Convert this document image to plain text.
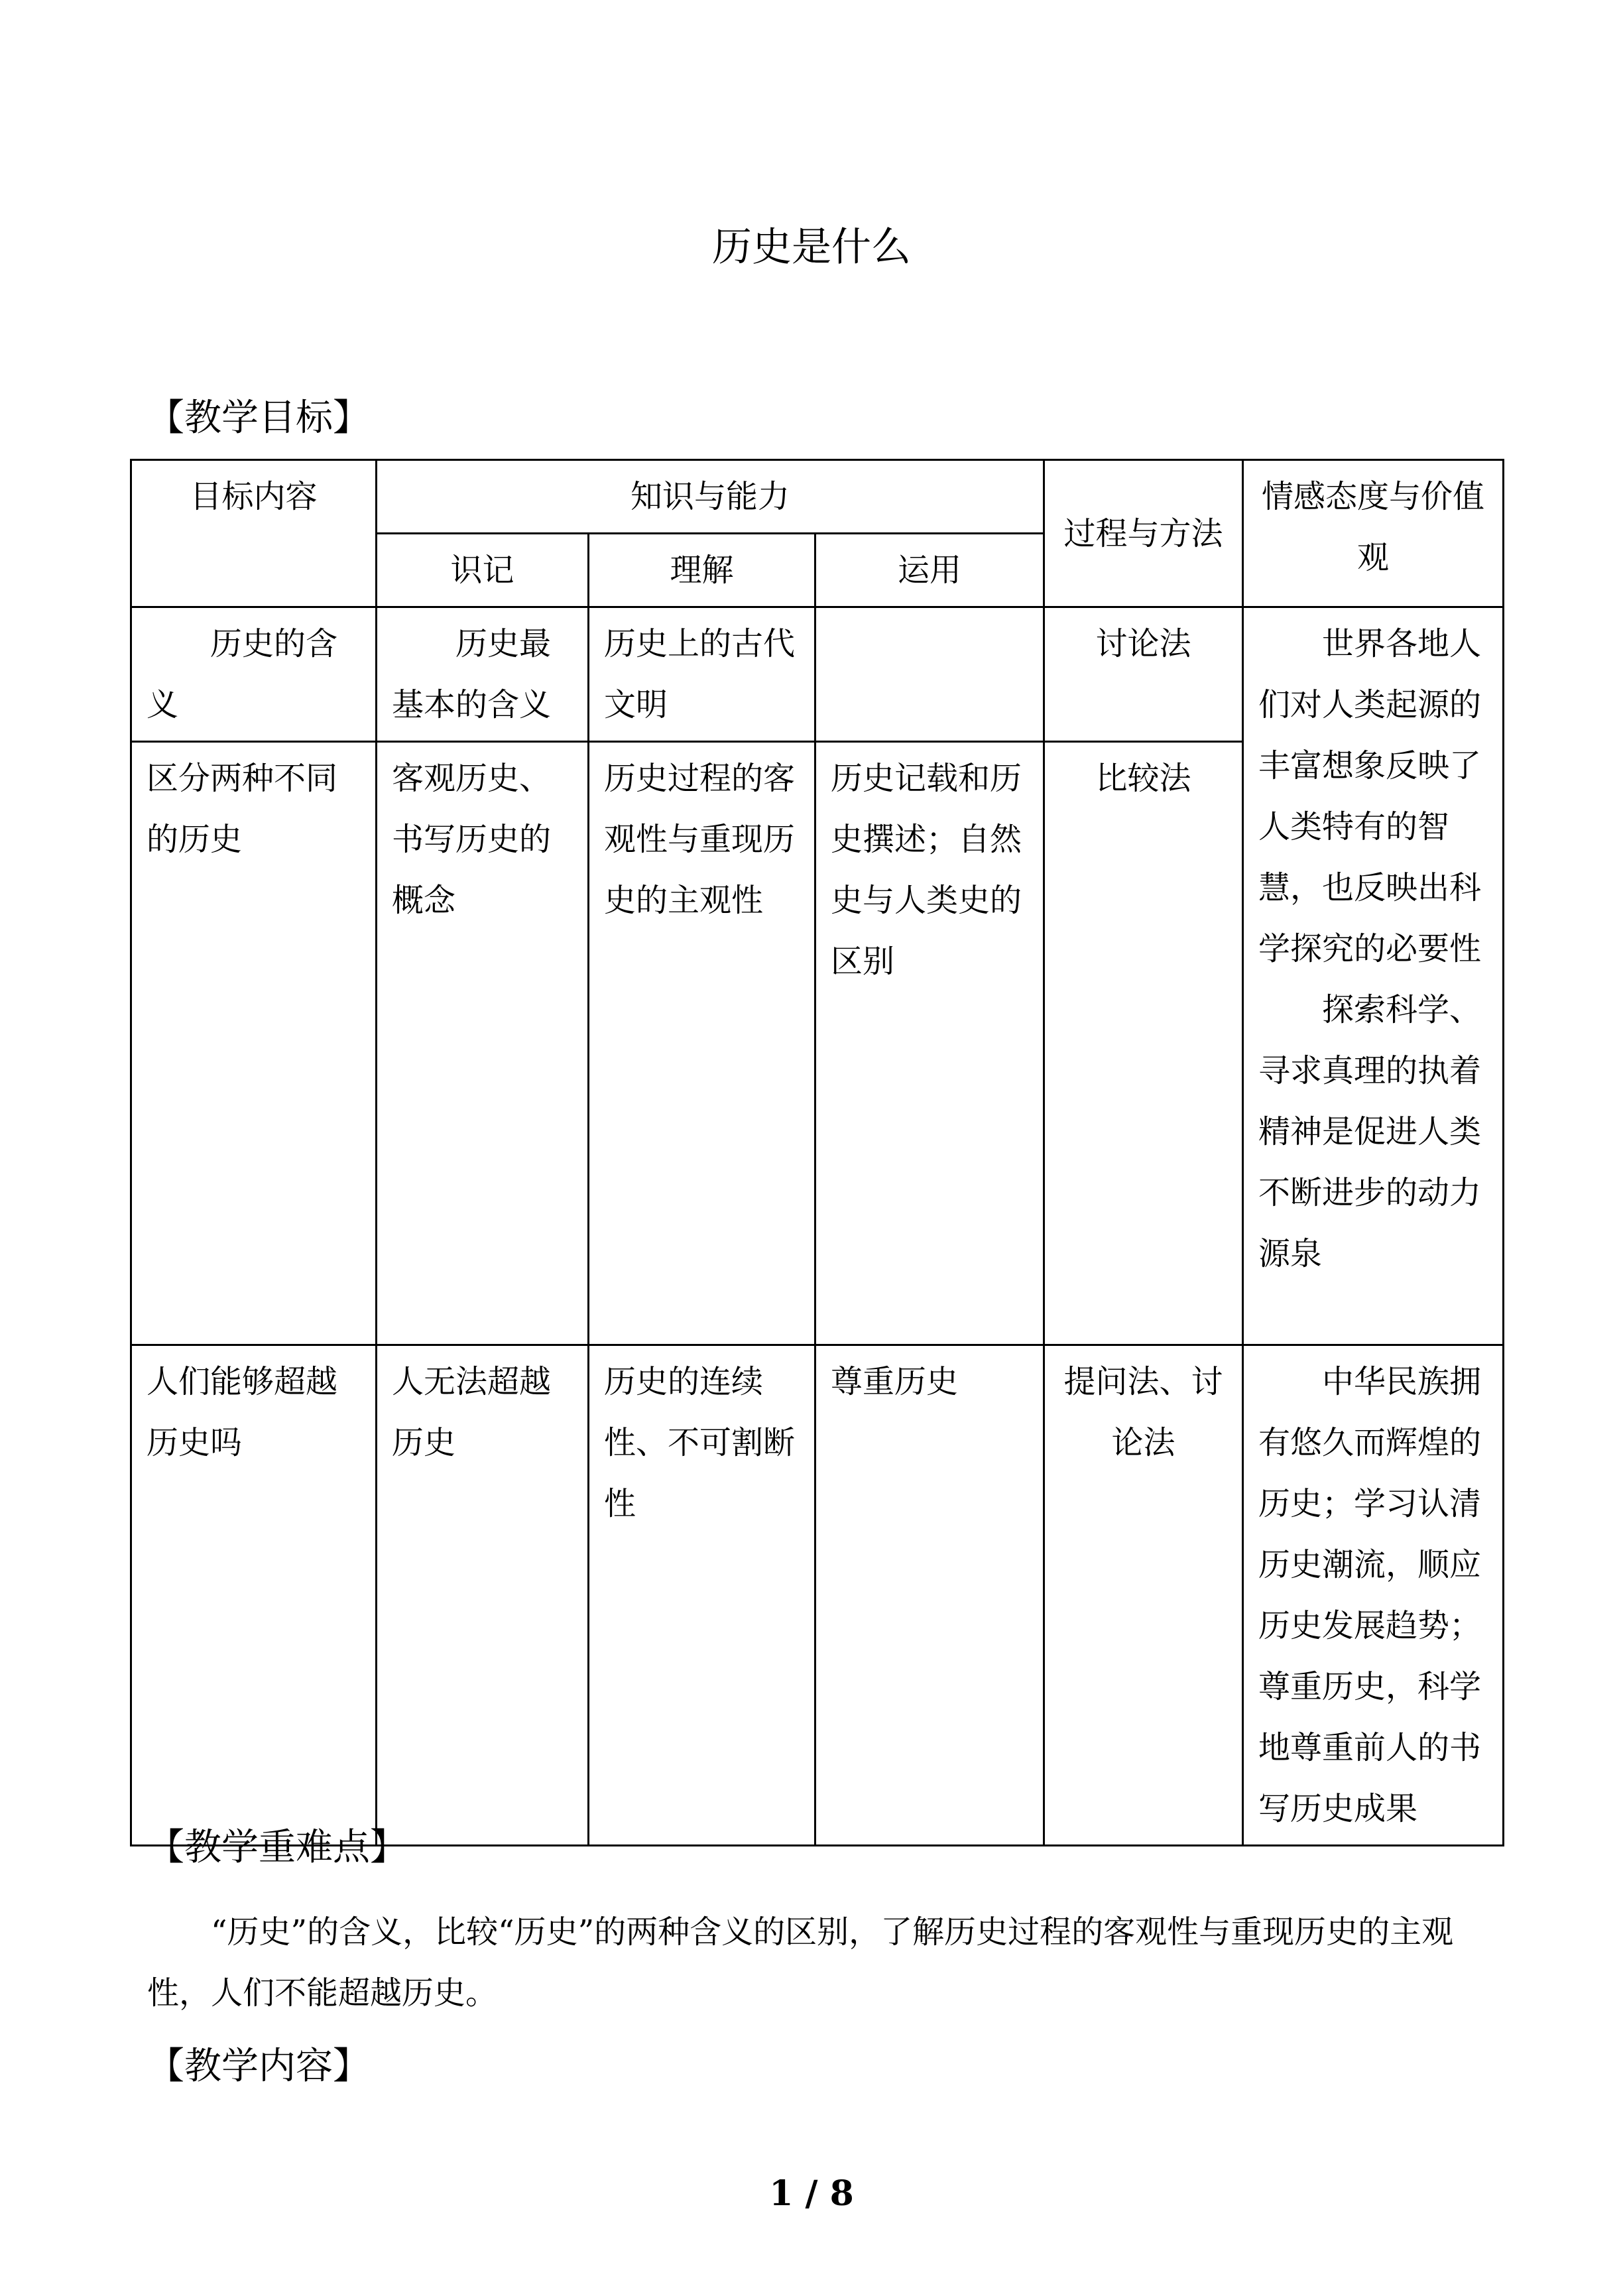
历史是什么
【教学目标】
目标内容	知识与能力			过程与方法	情感态度与价值观
	识记	理解	运用		
历史的含义	历史最基本的含义	历史上的古代文明		讨论法	世界各地人们对人类起源的丰富想象反映了人类特有的智慧，也反映出科学探究的必要性
探索科学、寻求真理的执着精神是促进人类不断进步的动力源泉

区分两种不同的历史	客观历史、书写历史的概念	历史过程的客观性与重现历史的主观性	历史记载和历史撰述；自然史与人类史的区别	比较法	
人们能够超越历史吗	人无法超越历史	历史的连续性、不可割断性	尊重历史	提问法、讨论法	中华民族拥有悠久而辉煌的历史；学习认清历史潮流，顺应历史发展趋势；尊重历史，科学地尊重前人的书写历史成果
【教学重难点】
“历史”的含义，比较“历史”的两种含义的区别，了解历史过程的客观性与重现历史的主观性，人们不能超越历史。
【教学内容】
1 / 8
